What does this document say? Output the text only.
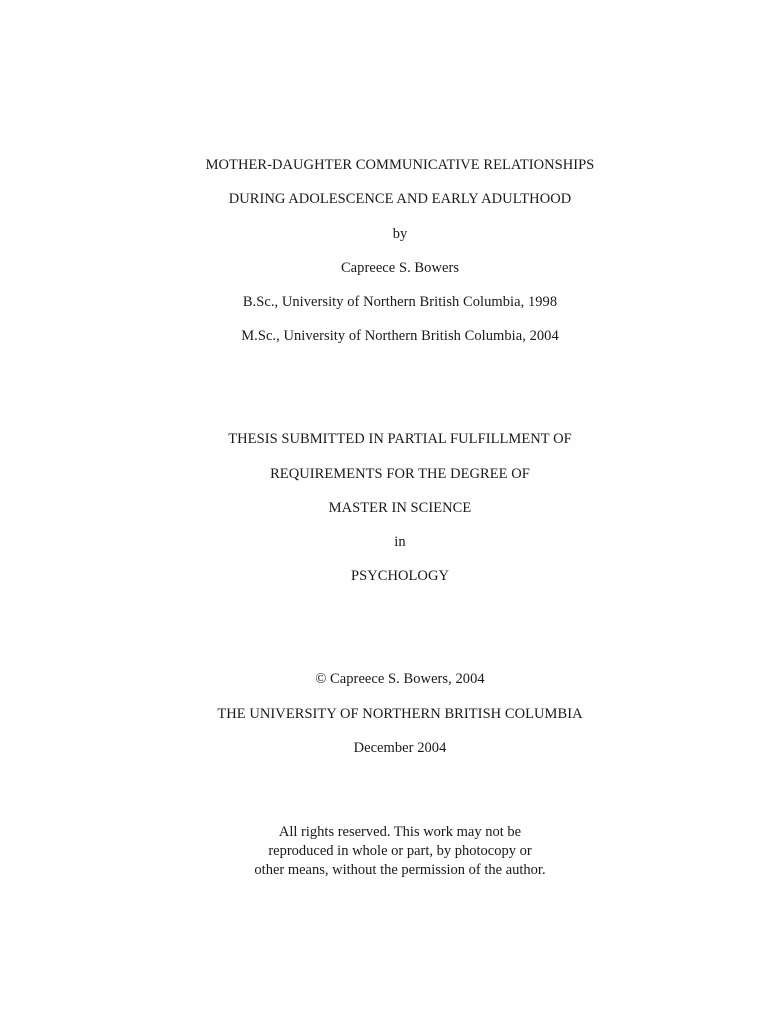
MOTHER-DAUGHTER COMMUNICATIVE RELATIONSHIPS
DURING ADOLESCENCE AND EARLY ADULTHOOD
by
Capreece S. Bowers
B.Sc., University of Northern British Columbia, 1998
M.Sc., University of Northern British Columbia, 2004
THESIS SUBMITTED IN PARTIAL FULFILLMENT OF
REQUIREMENTS FOR THE DEGREE OF
MASTER IN SCIENCE
in
PSYCHOLOGY
© Capreece S. Bowers, 2004
THE UNIVERSITY OF NORTHERN BRITISH COLUMBIA
December 2004
All rights reserved. This work may not be
reproduced in whole or part, by photocopy or
other means, without the permission of the author.
